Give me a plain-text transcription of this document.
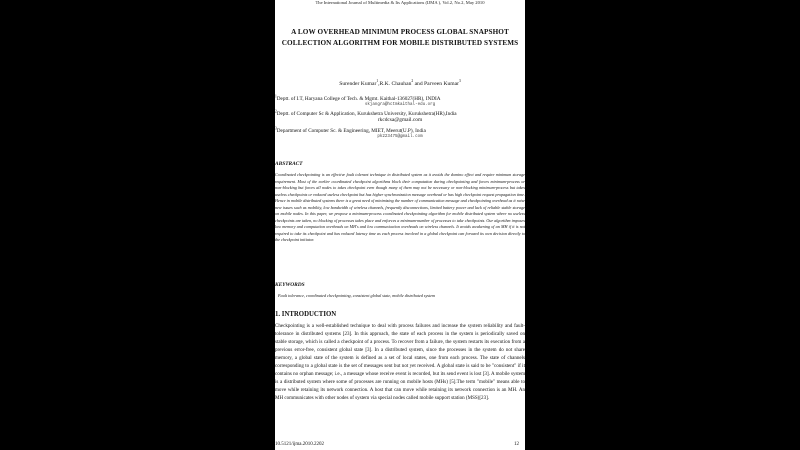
The International Journal of Multimedia & Its Applications (IJMA ), Vol.2, No.2, May 2010

A LOW OVERHEAD MINIMUM PROCESS GLOBAL SNAPSHOT COLLECTION ALGORITHM FOR MOBILE DISTRIBUTED SYSTEMS

Surender Kumar$^1$,R.K. Chauhan$^2$ and Parveen Kumar$^3$

$^1$Deptt. of I.T, Haryana College of Tech. & Mgmt. Kaithal-136027(HR), INDIA
skjangra@hctmkaithal-edu.org
$^2$Deptt. of Computer Sc & Application, Kurukshetra University, Kurukshetra(HR),India
rkcdcsa@gmail.com
$^3$Department of Computer Sc. & Engineering, MIET, Meerut(U.P), India
pk223475@gmail.com
ABSTRACT

Coordinated checkpointing is an effective fault tolerant technique in distributed system as it avoids the domino effect and require minimum storage requirement. Most of the earlier coordinated checkpoint algorithms block their computation during checkpointing and forces minimum-process or non-blocking but forces all nodes to takes checkpoint even though many of them may not be necessary or non-blocking minimum-process but takes useless checkpoints or reduced useless checkpoint but has higher synchronization message overhead or has high checkpoint request propagation time. Hence in mobile distributed systems there is a great need of minimizing the number of communication message and checkpointing overhead as it raise new issues such as mobility, low bandwidth of wireless channels, frequently disconnections, limited battery power and lack of reliable stable storage on mobile nodes. In this paper, we propose a minimum-process coordinated checkpointing algorithm for mobile distributed system where no useless checkpoints are taken, no blocking of processes takes place and enforces a minimum-number of processes to take checkpoints. Our algorithm imposes low memory and computation overheads on MH's and low communication overheads on wireless channels. It avoids awakening of an MH if it is not required to take its checkpoint and has reduced latency time as each process involved in a global checkpoint can forward its own decision directly to the checkpoint initiator.

KEYWORDS

Fault tolerance, coordinated checkpointing, consistent global state, mobile distributed system

1. INTRODUCTION

Checkpointing is a well-established technique to deal with process failures and increase the system reliability and fault-tolerance in distributed systems [23]. In this approach, the state of each process in the system is periodically saved on stable storage, which is called a checkpoint of a process. To recover from a failure, the system restarts its execution from a previous error-free, consistent global state [3]. In a distributed system, since the processes in the system do not share memory, a global state of the system is defined as a set of local states, one from each process. The state of channels corresponding to a global state is the set of messages sent but not yet received. A global state is said to be "consistent" if it contains no orphan message; i.e., a message whose receive event is recorded, but its send event is lost [3]. A mobile system is a distributed system where some of processes are running on mobile hosts (MHs) [5].The term "mobile" means able to move while retaining its network connection. A host that can move while retaining its network connection is an MH. An MH communicates with other nodes of system via special nodes called mobile support station (MSS)[23].

10.5121/ijma.2010.2202	12
